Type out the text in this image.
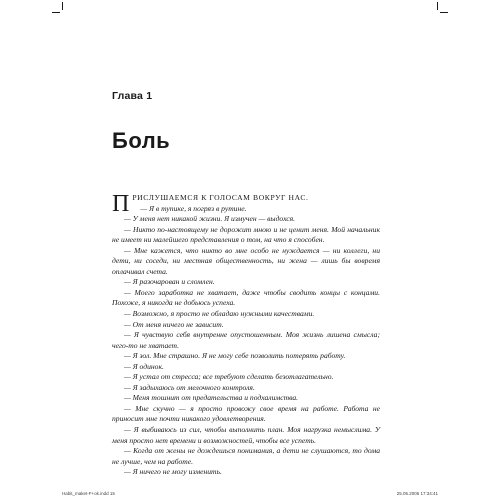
Глава 1
Боль

ПРИСЛУШАЕМСЯ К ГОЛОСАМ ВОКРУГ НАС.

— Я в тупике, я погряз в рутине.

— У меня нет никакой жизни. Я измучен — выдохся.

— Никто по-настоящему не дорожит мною и не ценит меня. Мой начальник не имеет ни малейшего представления о том, на что я способен.

— Мне кажется, что никто во мне особо не нуждается — ни коллеги, ни дети, ни соседи, ни местная общественность, ни жена — лишь бы вовремя оплачивал счета.

— Я разочарован и сломлен.

— Моего заработка не хватает, даже чтобы сводить концы с концами. Похоже, я никогда не добьюсь успеха.

— Возможно, я просто не обладаю нужными качествами.

— От меня ничего не зависит.

— Я чувствую себя внутренне опустошенным. Моя жизнь лишена смысла; чего-то не хватает.

— Я зол. Мне страшно. Я не могу себе позволить потерять работу.

— Я одинок.

— Я устал от стресса; все требуют сделать безотлагательно.

— Я задыхаюсь от мелочного контроля.

— Меня тошнит от предательства и подхалимства.

— Мне скучно — я просто провожу свое время на работе. Работа не приносит мне почти никакого удовлетворения.

— Я выбиваюсь из сил, чтобы выполнить план. Моя нагрузка немыслима. У меня просто нет времени и возможностей, чтобы все успеть.

— Когда от жены не дождешься понимания, а дети не слушаются, то дома не лучше, чем на работе.

— Я ничего не могу изменить.

Habit_maket-F+ok.indd 15	25.05.2006 17:34:41
